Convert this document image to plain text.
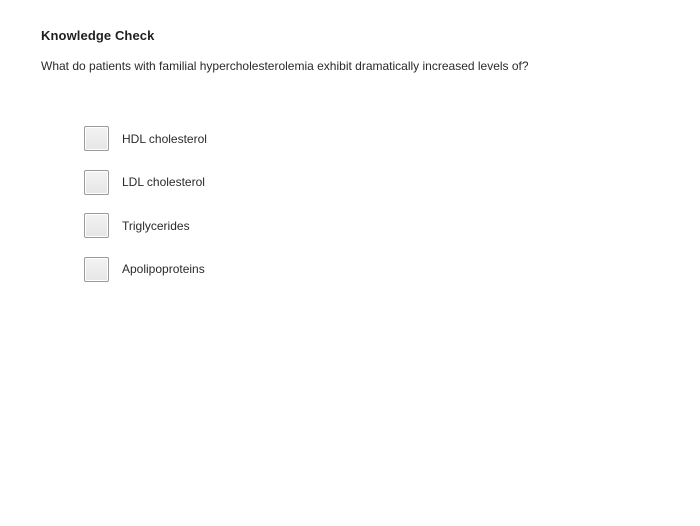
Knowledge Check
What do patients with familial hypercholesterolemia exhibit dramatically increased levels of?
HDL cholesterol
LDL cholesterol
Triglycerides
Apolipoproteins
